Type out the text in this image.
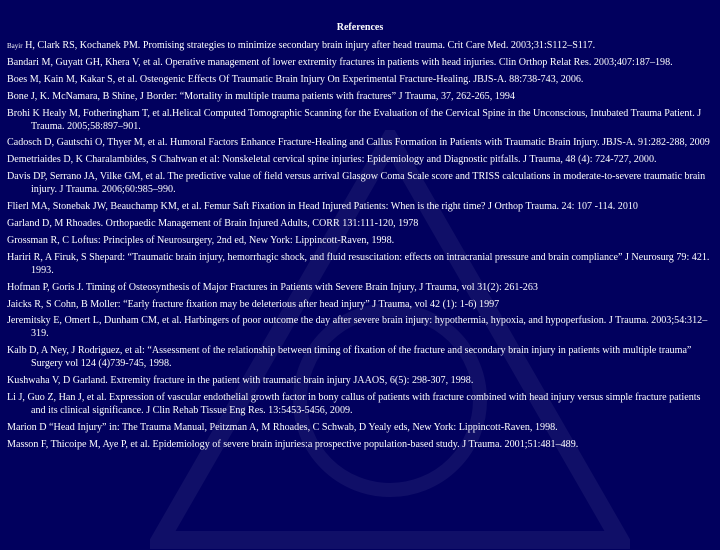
References
Bayir H, Clark RS, Kochanek PM. Promising strategies to minimize secondary brain injury after head trauma. Crit Care Med. 2003;31:S112–S117.
Bandari M, Guyatt GH, Khera V, et al. Operative management of lower extremity fractures in patients with head injuries. Clin Orthop Relat Res. 2003;407:187–198.
Boes M, Kain M, Kakar S, et al. Osteogenic Effects Of Traumatic Brain Injury On Experimental Fracture-Healing. JBJS-A. 88:738-743, 2006.
Bone J, K. McNamara, B Shine, J Border: “Mortality in multiple trauma patients with fractures” J Trauma, 37, 262-265, 1994
Brohi K Healy M, Fotheringham T, et al.Helical Computed Tomographic Scanning for the Evaluation of the Cervical Spine in the Unconscious, Intubated Trauma Patient. J Trauma. 2005;58:897–901.
Cadosch D, Gautschi O, Thyer M, et al. Humoral Factors Enhance Fracture-Healing and Callus Formation in Patients with Traumatic Brain Injury. JBJS-A. 91:282-288, 2009
Demetriaides D, K Charalambides, S Chahwan et al: Nonskeletal cervical spine injuries: Epidemiology and Diagnostic pitfalls. J Trauma, 48 (4): 724-727, 2000.
Davis DP, Serrano JA, Vilke GM, et al. The predictive value of field versus arrival Glasgow Coma Scale score and TRISS calculations in moderate-to-severe traumatic brain injury. J Trauma. 2006;60:985–990.
Flierl MA, Stonebak JW, Beauchamp KM, et al. Femur Saft Fixation in Head Injured Patients: When is the right time? J Orthop Trauma. 24: 107 -114. 2010
Garland D, M Rhoades. Orthopaedic Management of Brain Injured Adults, CORR 131:111-120, 1978
Grossman R, C Loftus: Principles of Neurosurgery, 2nd ed, New York: Lippincott-Raven, 1998.
Hariri R, A Firuk, S Shepard: “Traumatic brain injury, hemorrhagic shock, and fluid resuscitation: effects on intracranial pressure and brain compliance” J Neurosurg 79: 421. 1993.
Hofman P, Goris J. Timing of Osteosynthesis of Major Fractures in Patients with Severe Brain Injury, J Trauma, vol 31(2): 261-263
Jaicks R, S Cohn, B Moller: “Early fracture fixation may be deleterious after head injury” J Trauma, vol 42 (1): 1-6) 1997
Jeremitsky E, Omert L, Dunham CM, et al. Harbingers of poor outcome the day after severe brain injury: hypothermia, hypoxia, and hypoperfusion. J Trauma. 2003;54:312–319.
Kalb D, A Ney, J Rodriguez, et al: “Assessment of the relationship between timing of fixation of the fracture and secondary brain injury in patients with multiple trauma” Surgery vol 124 (4)739-745, 1998.
Kushwaha V, D Garland. Extremity fracture in the patient with traumatic brain injury JAAOS, 6(5): 298-307, 1998.
Li J, Guo Z, Han J, et al. Expression of vascular endothelial growth factor in bony callus of patients with fracture combined with head injury versus simple fracture patients and its clinical significance. J Clin Rehab Tissue Eng Res. 13:5453-5456, 2009.
Marion D “Head Injury” in: The Trauma Manual, Peitzman A, M Rhoades, C Schwab, D Yealy eds, New York: Lippincott-Raven, 1998.
Masson F, Thicoipe M, Aye P, et al. Epidemiology of severe brain injuries:a prospective population-based study. J Trauma. 2001;51:481–489.
